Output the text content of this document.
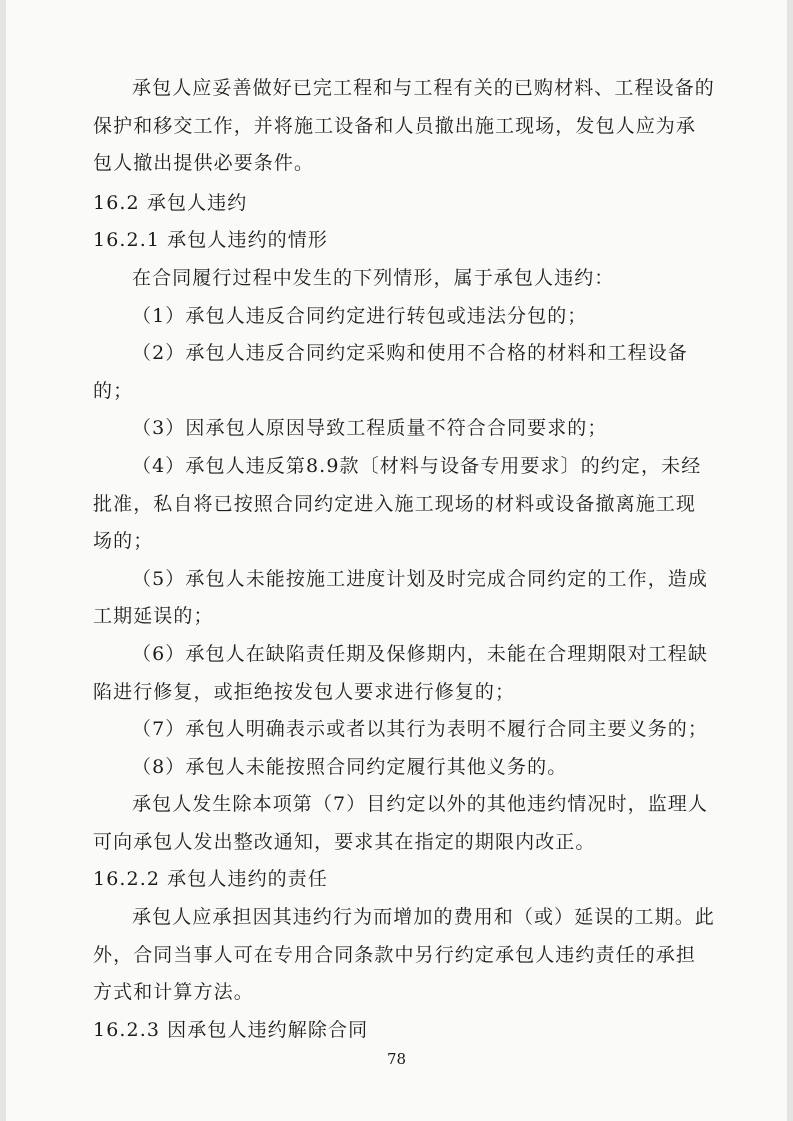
承包人应妥善做好已完工程和与工程有关的已购材料、工程设备的保护和移交工作，并将施工设备和人员撤出施工现场，发包人应为承包人撤出提供必要条件。

16.2 承包人违约

16.2.1 承包人违约的情形

在合同履行过程中发生的下列情形，属于承包人违约：

（1）承包人违反合同约定进行转包或违法分包的；

（2）承包人违反合同约定采购和使用不合格的材料和工程设备的；

（3）因承包人原因导致工程质量不符合合同要求的；

（4）承包人违反第8.9款〔材料与设备专用要求〕的约定，未经批准，私自将已按照合同约定进入施工现场的材料或设备撤离施工现场的；

（5）承包人未能按施工进度计划及时完成合同约定的工作，造成工期延误的；

（6）承包人在缺陷责任期及保修期内，未能在合理期限对工程缺陷进行修复，或拒绝按发包人要求进行修复的；

（7）承包人明确表示或者以其行为表明不履行合同主要义务的；

（8）承包人未能按照合同约定履行其他义务的。

承包人发生除本项第（7）目约定以外的其他违约情况时，监理人可向承包人发出整改通知，要求其在指定的期限内改正。

16.2.2 承包人违约的责任

承包人应承担因其违约行为而增加的费用和（或）延误的工期。此外，合同当事人可在专用合同条款中另行约定承包人违约责任的承担方式和计算方法。

16.2.3 因承包人违约解除合同

78
